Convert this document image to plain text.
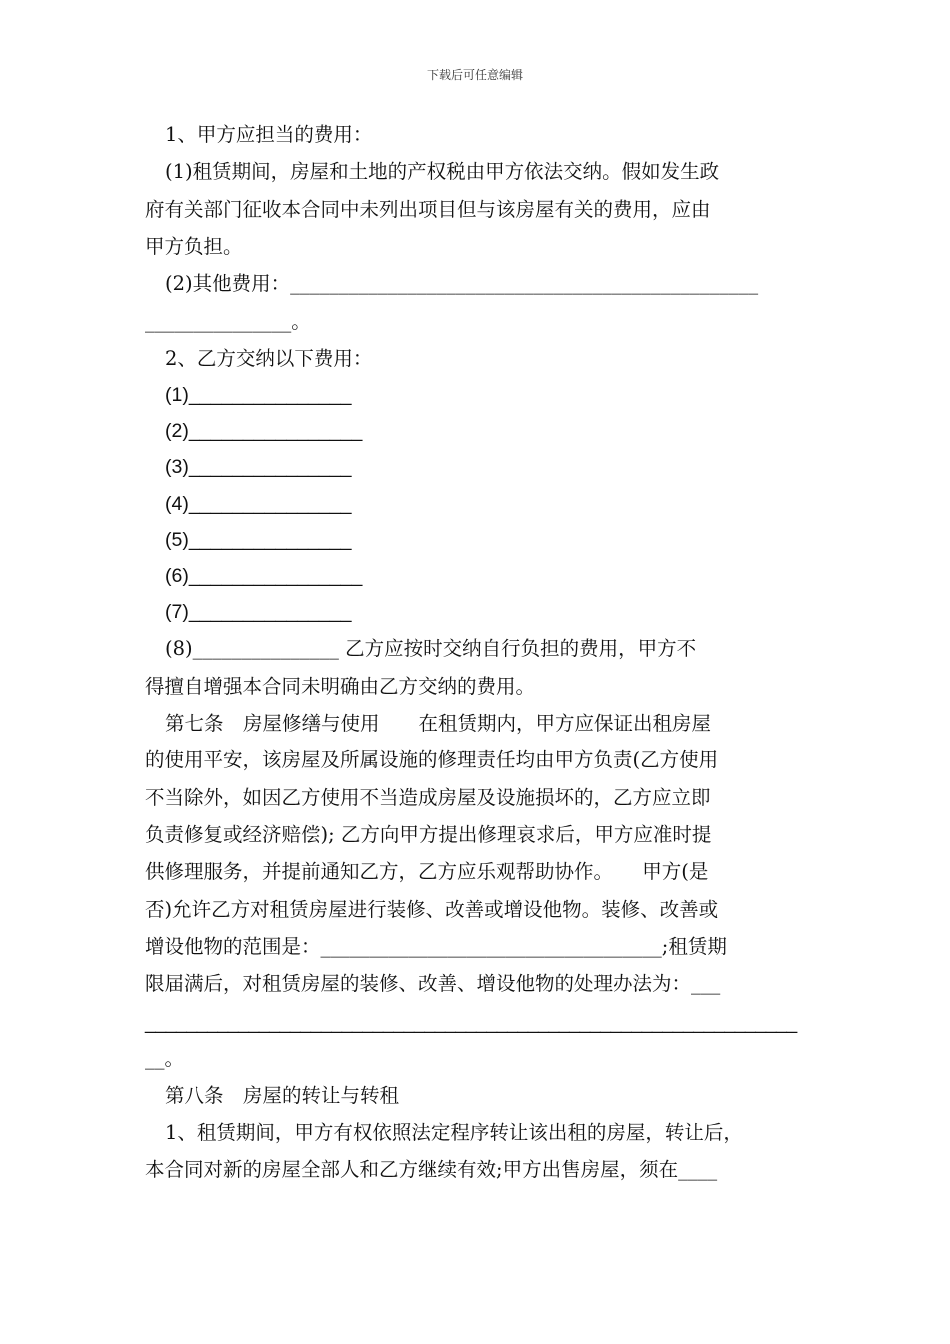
下载后可任意编辑
1、甲方应担当的费用：
(1)租赁期间，房屋和土地的产权税由甲方依法交纳。假如发生政
府有关部门征收本合同中未列出项目但与该房屋有关的费用，应由
甲方负担。
(2)其他费用：________________________________________________
_______________。
2、乙方交纳以下费用：
(1)_______________
(2)________________
(3)_______________
(4)_______________
(5)_______________
(6)________________
(7)_______________
(8)_______________ 乙方应按时交纳自行负担的费用，甲方不
得擅自增强本合同未明确由乙方交纳的费用。
第七条　房屋修缮与使用　　在租赁期内，甲方应保证出租房屋
的使用平安，该房屋及所属设施的修理责任均由甲方负责(乙方使用
不当除外，如因乙方使用不当造成房屋及设施损坏的，乙方应立即
负责修复或经济赔偿); 乙方向甲方提出修理哀求后，甲方应准时提
供修理服务，并提前通知乙方，乙方应乐观帮助协作。　　甲方(是
否)允许乙方对租赁房屋进行装修、改善或增设他物。装修、改善或
增设他物的范围是：___________________________________;租赁期
限届满后，对租赁房屋的装修、改善、增设他物的处理办法为：___
_______________________________________________________________
__。
第八条　房屋的转让与转租
1、租赁期间，甲方有权依照法定程序转让该出租的房屋，转让后，
本合同对新的房屋全部人和乙方继续有效;甲方出售房屋，须在____
